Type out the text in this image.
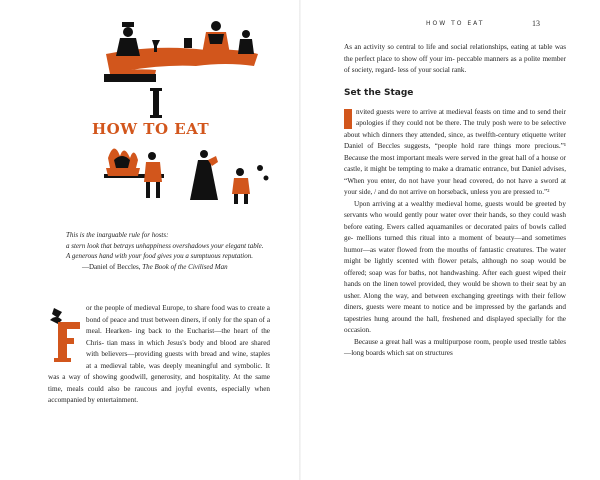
HOW TO EAT

This is the inarguable rule for hosts:

a stern look that betrays unhappiness overshadows your elegant table.

A generous hand with your food gives you a sumptuous reputation.

—Daniel of Beccles, The Book of the Civilised Man

or the people of medieval Europe, to share food was to create a bond of peace and trust between diners, if only for the span of a meal. Hearken- ing back to the Eucharist—the heart of the Chris- tian mass in which Jesus's body and blood are shared with believers—providing guests with bread and wine, staples at a medieval table, was deeply meaningful and symbolic. It was a way of showing goodwill, generosity, and hospitality. At the same time, meals could also be raucous and joyful events, especially when accompanied by entertainment.
HOW TO EAT	13

As an activity so central to life and social relationships, eating at table was the perfect place to show off your im- peccable manners as a polite member of society, regard- less of your social rank.

Set the Stage

nvited guests were to arrive at medieval feasts on time and to send their apologies if they could not be there. The truly posh were to be selective about which dinners they attended, since, as twelfth-century etiquette writer Daniel of Beccles suggests, “people hold rare things more precious.”¹ Because the most important meals were served in the great hall of a house or castle, it might be tempting to make a dramatic entrance, but Daniel advises, “When you enter, do not have your head covered, do not have a sword at your side, / and do not arrive on horseback, unless you are pressed to.”²

Upon arriving at a wealthy medieval home, guests would be greeted by servants who would gently pour water over their hands, so they could wash before eating. Ewers called aquamaniles or decorated pairs of bowls called ge- mellions turned this ritual into a moment of beauty—and sometimes humor—as water flowed from the mouths of fantastic creatures. The water might be lightly scented with flower petals, although no soap would be offered; soap was for baths, not handwashing. After each guest wiped their hands on the linen towel provided, they would be shown to their seat by an usher. Along the way, and between exchanging greetings with their fellow diners, guests were meant to notice and be impressed by the garlands and tapestries hung around the hall, freshened and displayed specially for the occasion.

Because a great hall was a multipurpose room, people used trestle tables—long boards which sat on structures
